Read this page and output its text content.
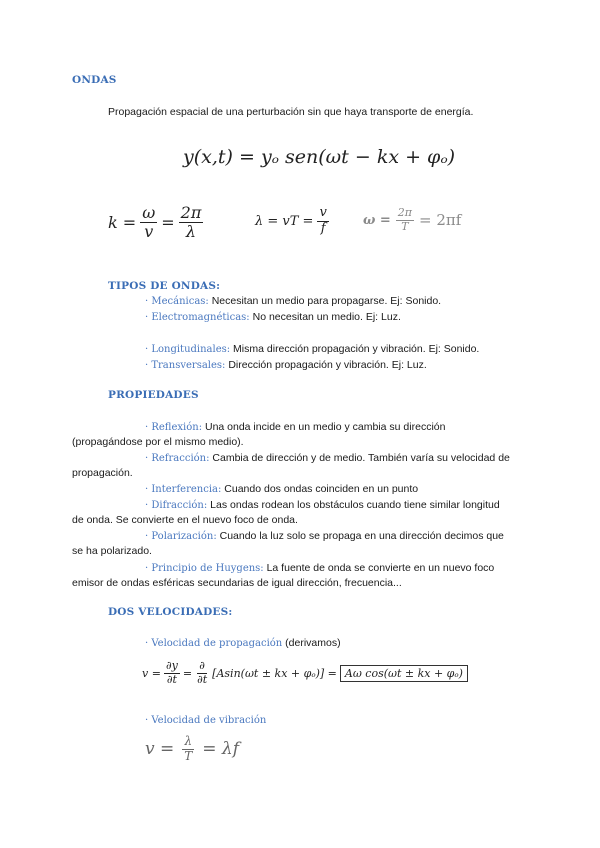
ONDAS
Propagación espacial de una perturbación sin que haya transporte de energía.
y(x,t) = yₒ sen(ωt − kx + φₒ)
$k = \frac{\omega}{v} = \frac{2\pi}{\lambda}$	λ = vT = $\frac{v}{f}$	$\omega = \frac{2\pi}{T} = 2\pi f$
TIPOS DE ONDAS:
· Mecánicas: Necesitan un medio para propagarse. Ej: Sonido.
· Electromagnéticas: No necesitan un medio. Ej: Luz.
· Longitudinales: Misma dirección propagación y vibración. Ej: Sonido.
· Transversales: Dirección propagación y vibración. Ej: Luz.
PROPIEDADES
· Reflexión: Una onda incide en un medio y cambia su dirección
(propagándose por el mismo medio).
· Refracción: Cambia de dirección y de medio. También varía su velocidad de
propagación.
· Interferencia: Cuando dos ondas coinciden en un punto
· Difracción: Las ondas rodean los obstáculos cuando tiene similar longitud
de onda. Se convierte en el nuevo foco de onda.
· Polarización: Cuando la luz solo se propaga en una dirección decimos que
se ha polarizado.
· Principio de Huygens: La fuente de onda se convierte en un nuevo foco
emisor de ondas esféricas secundarias de igual dirección, frecuencia...
DOS VELOCIDADES:
· Velocidad de propagación (derivamos)
$v = \frac{\partial y}{\partial t} = \frac{\partial}{\partial t} [Asin(\omega t$ ± kx + φₒ)] = Aω cos(ωt ± kx + φₒ)
· Velocidad de vibración
$v = \frac{\lambda}{T} = \lambda f$
